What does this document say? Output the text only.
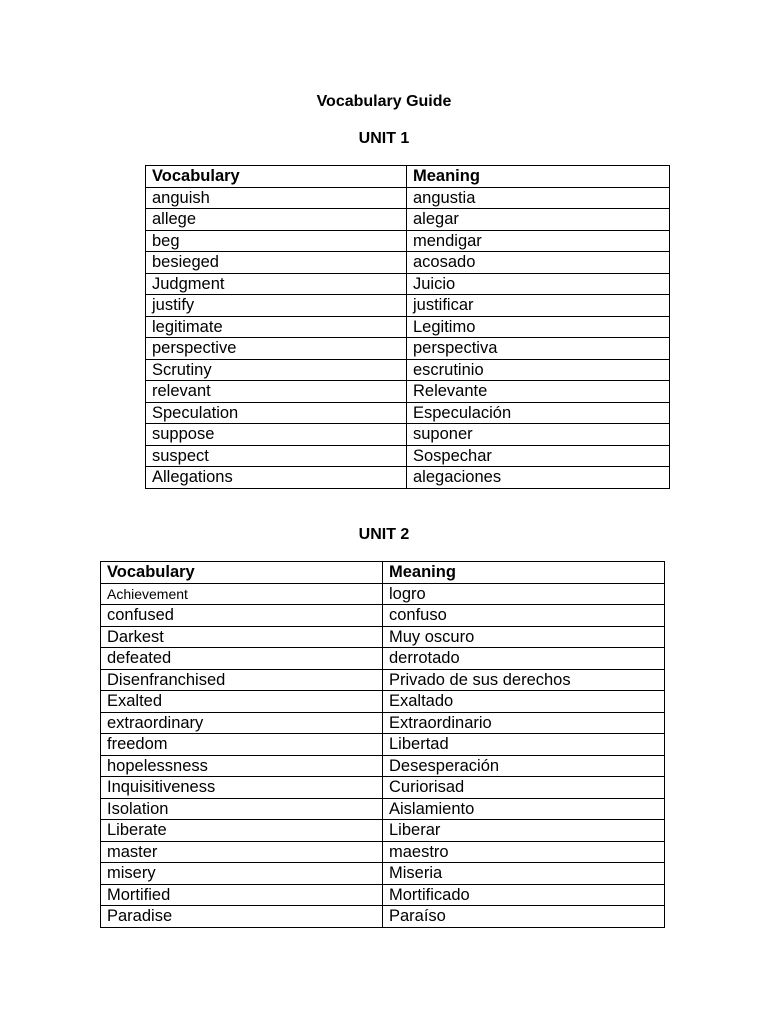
Vocabulary Guide
UNIT 1
Vocabulary	Meaning
anguish	angustia
allege	alegar
beg	mendigar
besieged	acosado
Judgment	Juicio
justify	justificar
legitimate	Legitimo
perspective	perspectiva
Scrutiny	escrutinio
relevant	Relevante
Speculation	Especulación
suppose	suponer
suspect	Sospechar
Allegations	alegaciones
UNIT 2
Vocabulary	Meaning
Achievement	logro
confused	confuso
Darkest	Muy oscuro
defeated	derrotado
Disenfranchised	Privado de sus derechos
Exalted	Exaltado
extraordinary	Extraordinario
freedom	Libertad
hopelessness	Desesperación
Inquisitiveness	Curiorisad
Isolation	Aislamiento
Liberate	Liberar
master	maestro
misery	Miseria
Mortified	Mortificado
Paradise	Paraíso
